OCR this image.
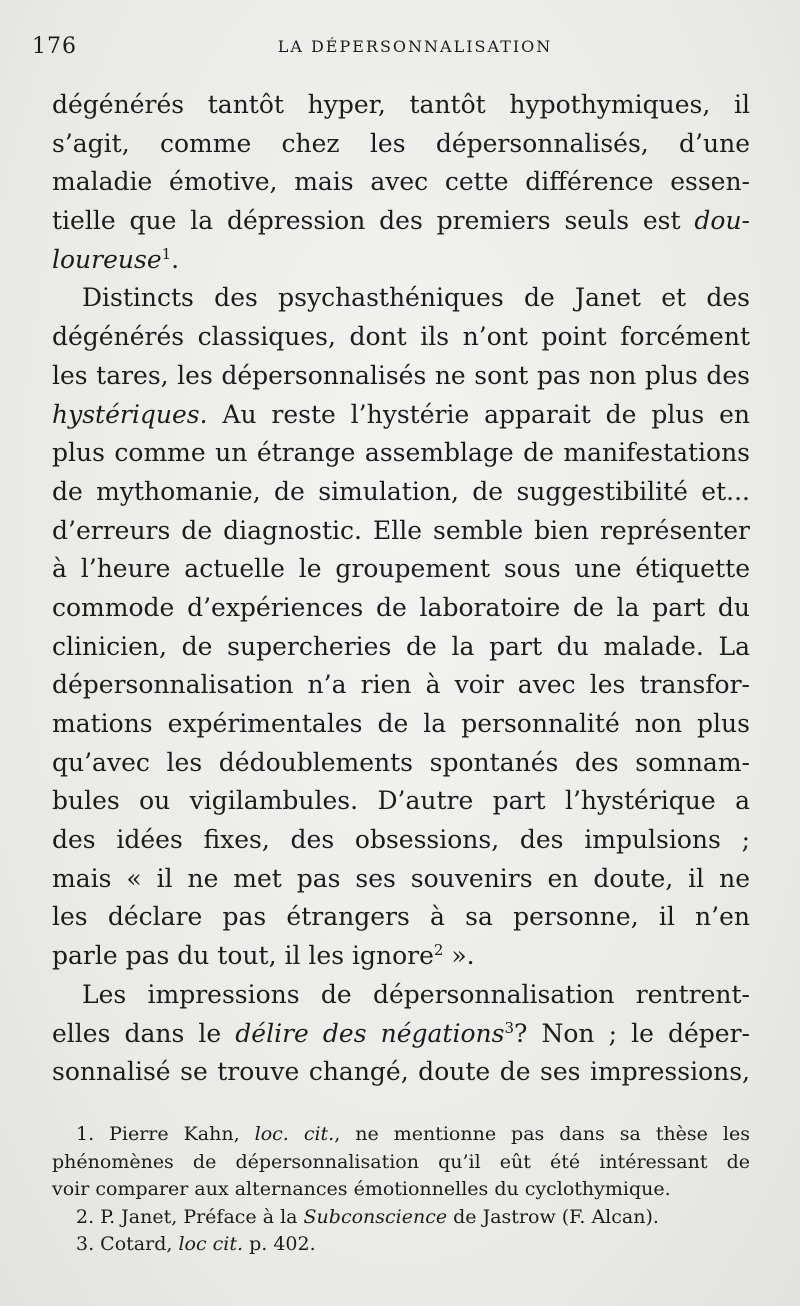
176	LA DÉPERSONNALISATION
dégénérés tantôt hyper, tantôt hypothymiques, il
s’agit, comme chez les dépersonnalisés, d’une
maladie émotive, mais avec cette différence essen-
tielle que la dépression des premiers seuls est dou-
loureuse$^1$.
Distincts des psychasthéniques de Janet et des
dégénérés classiques, dont ils n’ont point forcément
les tares, les dépersonnalisés ne sont pas non plus des
hystériques. Au reste l’hystérie apparait de plus en
plus comme un étrange assemblage de manifestations
de mythomanie, de simulation, de suggestibilité et...
d’erreurs de diagnostic. Elle semble bien représenter
à l’heure actuelle le groupement sous une étiquette
commode d’expériences de laboratoire de la part du
clinicien, de supercheries de la part du malade. La
dépersonnalisation n’a rien à voir avec les transfor-
mations expérimentales de la personnalité non plus
qu’avec les dédoublements spontanés des somnam-
bules ou vigilambules. D’autre part l’hystérique a
des idées fixes, des obsessions, des impulsions ;
mais « il ne met pas ses souvenirs en doute, il ne
les déclare pas étrangers à sa personne, il n’en
parle pas du tout, il les ignore$^2$ ».
Les impressions de dépersonnalisation rentrent-
elles dans le délire des négations$^3$? Non ; le déper-
sonnalisé se trouve changé, doute de ses impressions,
1. Pierre Kahn, loc. cit., ne mentionne pas dans sa thèse les
phénomènes de dépersonnalisation qu’il eût été intéressant de
voir comparer aux alternances émotionnelles du cyclothymique.
2. P. Janet, Préface à la Subconscience de Jastrow (F. Alcan).
3. Cotard, loc cit. p. 402.
